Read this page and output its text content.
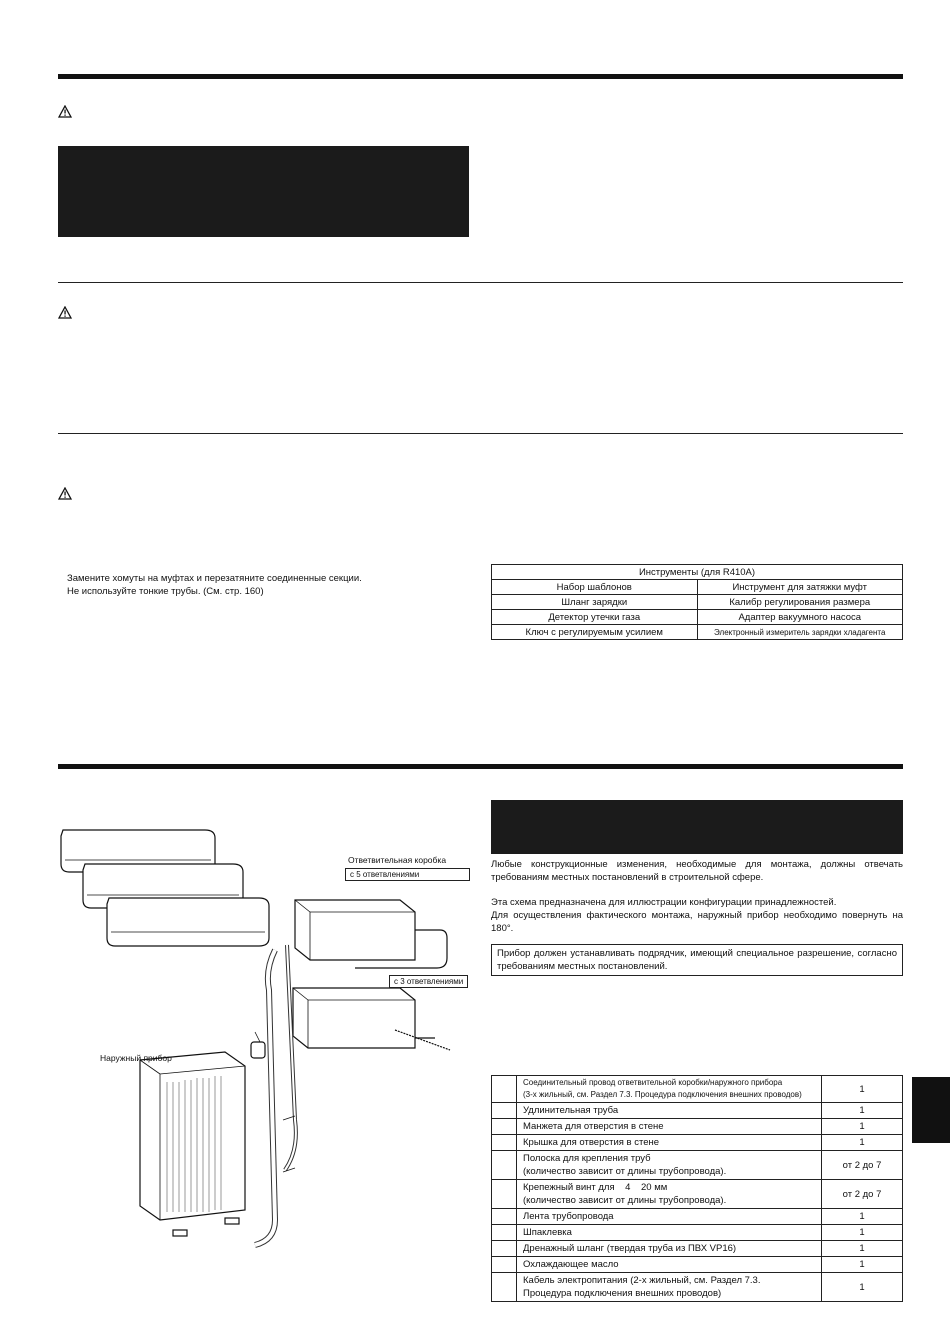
Замените хомуты на муфтах и перезатяните соединенные секции.
Не используйте тонкие трубы. (См. стр. 160)
Инструменты (для R410A)	
Набор шаблонов	Инструмент для затяжки муфт
Шланг зарядки	Калибр регулирования размера
Детектор утечки газа	Адаптер вакуумного насоса
Ключ с регулируемым усилием	Электронный измеритель зарядки хладагента
Ответвительная коробка
с 5 ответвлениями
с 3 ответвлениями
Наружный прибор
Любые конструкционные изменения, необходимые для монтажа, должны отвечать требованиям местных постановлений в строительной сфере.
Эта схема предназначена для иллюстрации конфигурации принадлежностей.
Для осуществления фактического монтажа, наружный прибор необходимо повернуть на 180°.
Прибор должен устанавливать подрядчик, имеющий специальное разрешение, согласно требованиям местных постановлений.

	Соединительный провод ответвительной коробки/наружного прибора
(3-х жильный, см. Раздел 7.3. Процедура подключения внешних проводов)	1
	Удлинительная труба	1
	Манжета для отверстия в стене	1
	Крышка для отверстия в стене	1

	Полоска для крепления труб
(количество зависит от длины трубопровода).	от 2 до 7

	Крепежный винт для    4    20 мм
(количество зависит от длины трубопровода).	от 2 до 7
	Лента трубопровода	1
	Шпаклевка	1
	Дренажный шланг (твердая труба из ПВХ VP16)	1
	Охлаждающее масло	1

	Кабель электропитания (2-х жильный, см. Раздел 7.3.
Процедура подключения внешних проводов)	1
